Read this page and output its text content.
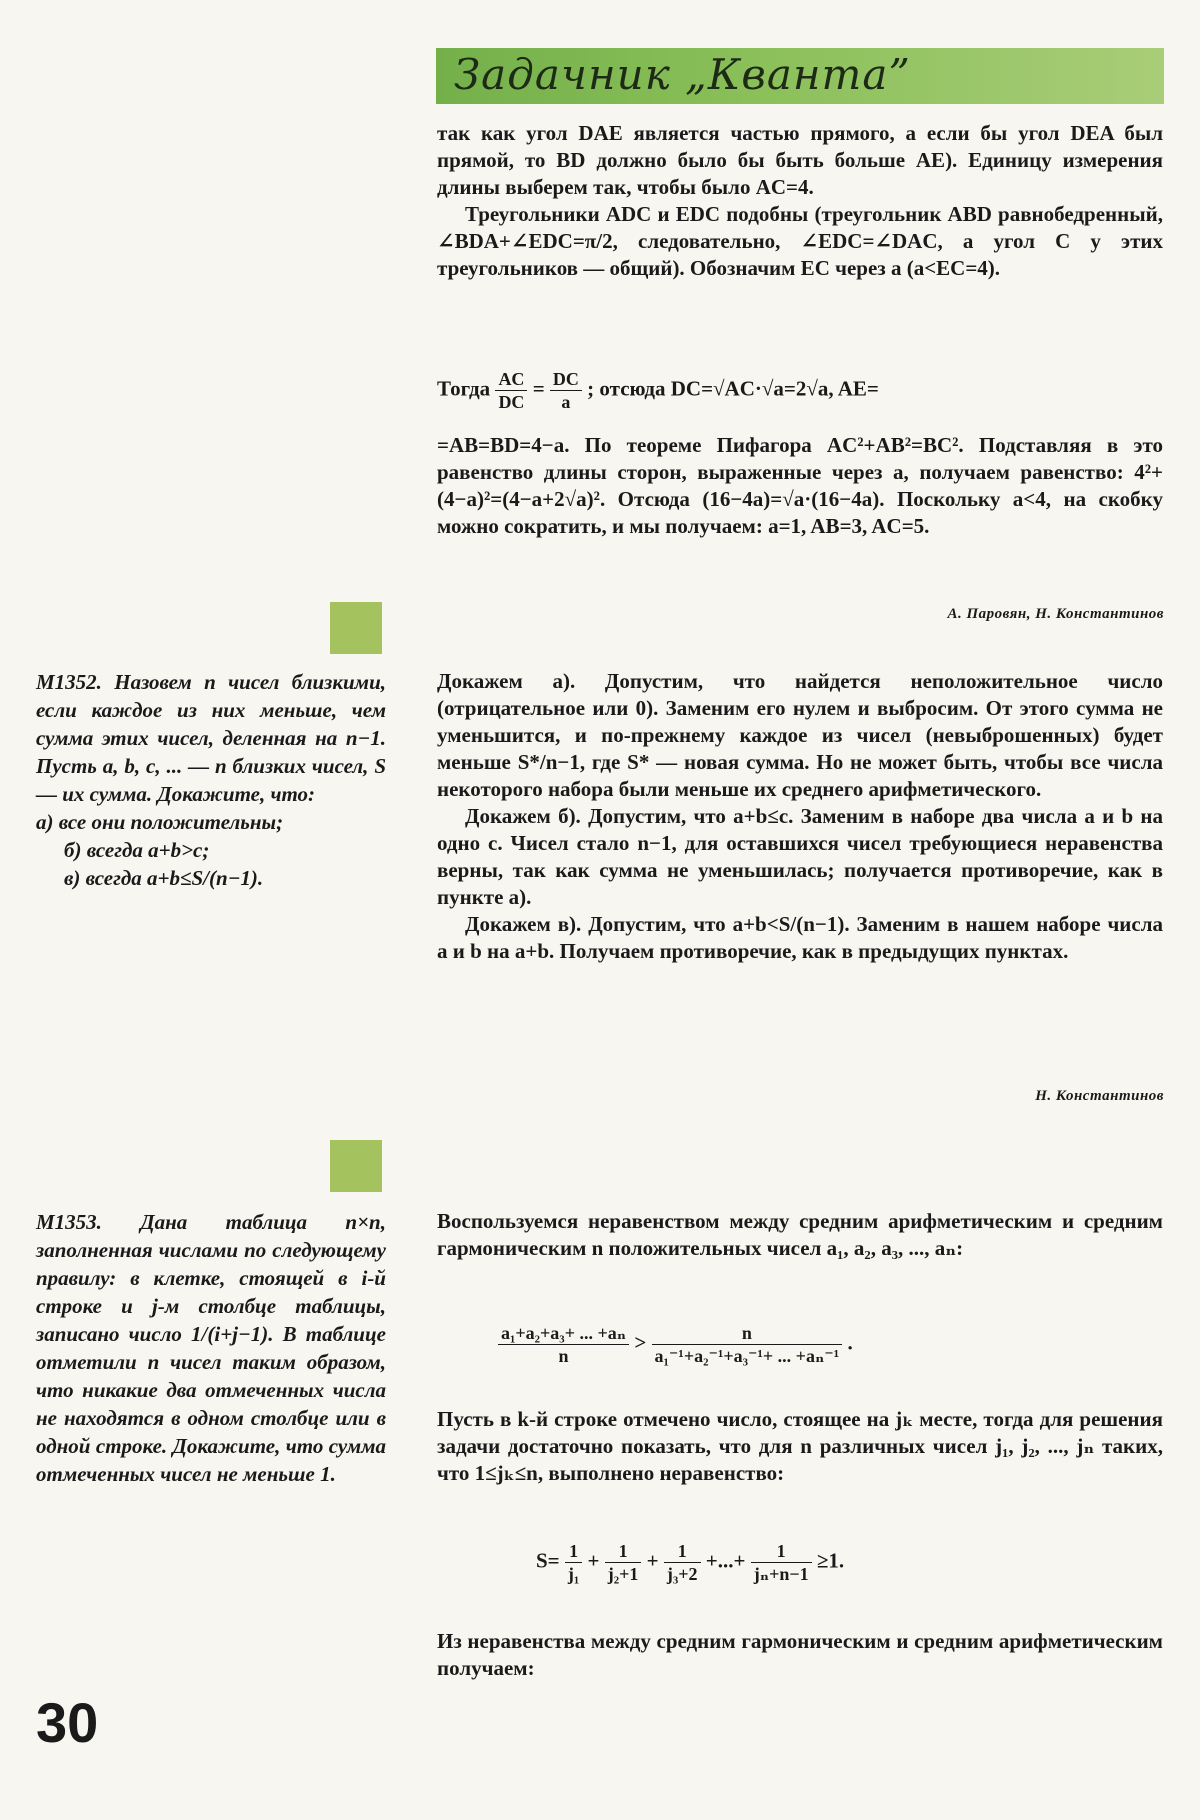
Задачник „Кванта”

так как угол DAE является частью прямого, а если бы угол DEA был прямой, то BD должно было бы быть больше AE). Единицу измерения длины выберем так, чтобы было AC=4.

Треугольники ADC и EDC подобны (треугольник ABD равнобедренный, ∠BDA+∠EDC=π/2, следовательно, ∠EDC=∠DAC, а угол C у этих треугольников — общий). Обозначим EC через a (a<EC=4).

Тогда $\frac{AC}{DC} = \frac{DC}{a}$ ; отсюда DC=√AC·√a=2√a, AE=

=AB=BD=4−a. По теореме Пифагора AC²+AB²=BC². Подставляя в это равенство длины сторон, выраженные через a, получаем равенство: 4²+(4−a)²=(4−a+2√a)². Отсюда (16−4a)=√a·(16−4a). Поскольку a<4, на скобку можно сократить, и мы получаем: a=1, AB=3, AC=5.

А. Паровян, Н. Константинов

M1352. Назовем n чисел близкими, если каждое из них меньше, чем сумма этих чисел, деленная на n−1. Пусть a, b, c, ... — n близких чисел, S — их сумма. Докажите, что:

а) все они положительны;

б) всегда a+b>c;

в) всегда a+b≤S/(n−1).

Докажем а). Допустим, что найдется неположительное число (отрицательное или 0). Заменим его нулем и выбросим. От этого сумма не уменьшится, и по-прежнему каждое из чисел (невыброшенных) будет меньше S*/n−1, где S* — новая сумма. Но не может быть, чтобы все числа некоторого набора были меньше их среднего арифметического.

Докажем б). Допустим, что a+b≤c. Заменим в наборе два числа a и b на одно c. Чисел стало n−1, для оставшихся чисел требующиеся неравенства верны, так как сумма не уменьшилась; получается противоречие, как в пункте а).

Докажем в). Допустим, что a+b<S/(n−1). Заменим в нашем наборе числа a и b на a+b. Получаем противоречие, как в предыдущих пунктах.

Н. Константинов

M1353. Дана таблица n×n, заполненная числами по следующему правилу: в клетке, стоящей в i-й строке и j-м столбце таблицы, записано число 1/(i+j−1). В таблице отметили n чисел таким образом, что никакие два отмеченных числа не находятся в одном столбце или в одной строке. Докажите, что сумма отмеченных чисел не меньше 1.

Воспользуемся неравенством между средним арифметическим и средним гармоническим n положительных чисел a₁, a₂, a₃, ..., aₙ:

$\frac{\text{a₁+a₂+a₃+ ... +aₙ}}{n} > \frac{n}{\text{a₁⁻¹+a₂⁻¹+a₃⁻¹+ ... +aₙ⁻¹}}$ .

Пусть в k-й строке отмечено число, стоящее на jₖ месте, тогда для решения задачи достаточно показать, что для n различных чисел j₁, j₂, ..., jₙ таких, что 1≤jₖ≤n, выполнено неравенство:

$S= \frac{1}{\text{j₁}} + \frac{1}{\text{j₂+1}} + \frac{1}{\text{j₃+2}}$ +...+ $\frac{1}{\text{jₙ+n−1}} \ge 1$.

Из неравенства между средним гармоническим и средним арифметическим получаем:

30
